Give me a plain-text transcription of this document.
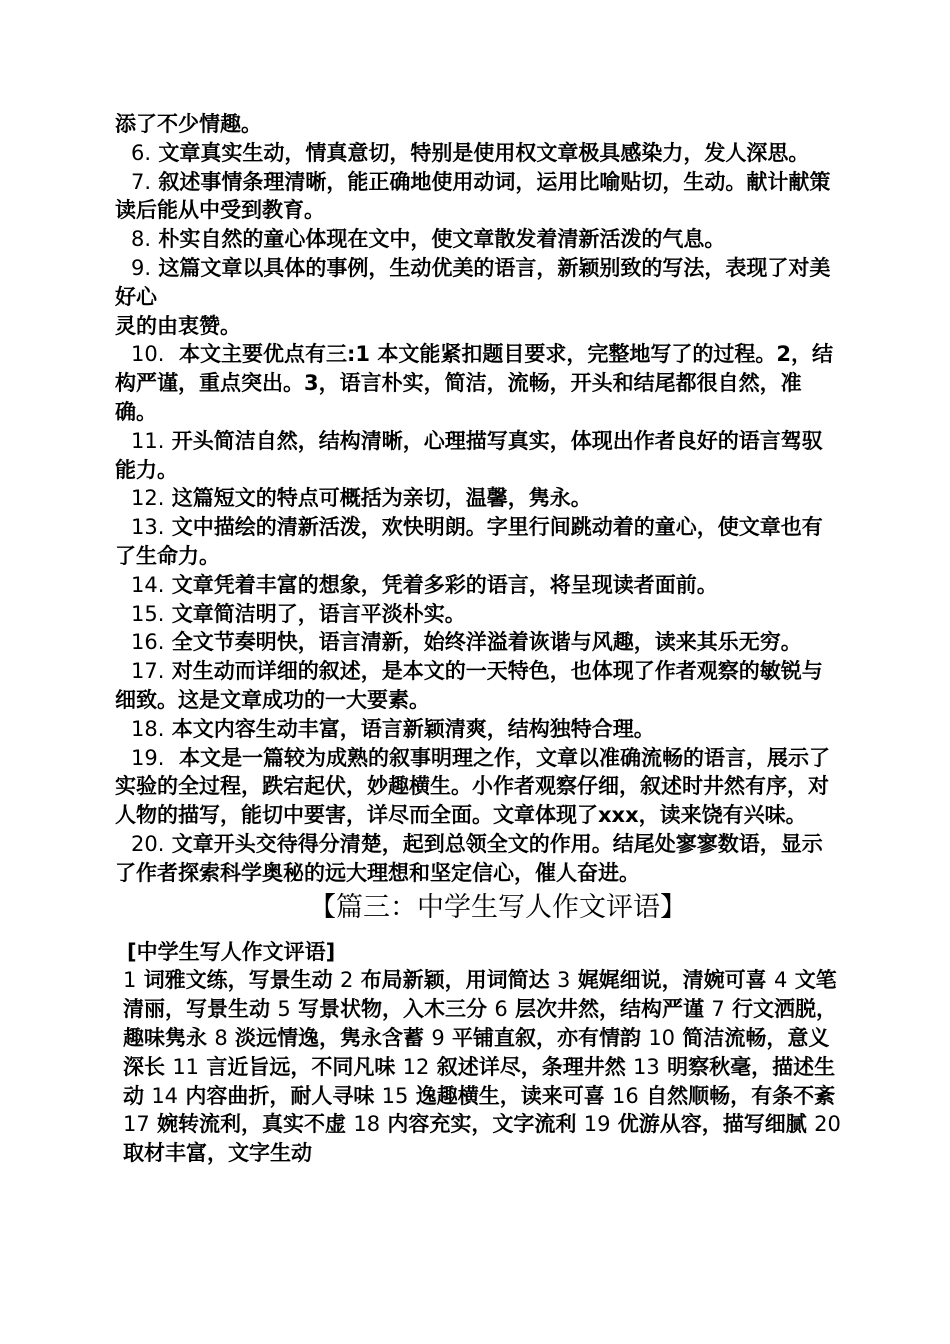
添了不少情趣。

6. 文章真实生动，情真意切，特别是使用权文章极具感染力，发人深思。

7. 叙述事情条理清晰，能正确地使用动词，运用比喻贴切，生动。献计献策读后能从中受到教育。

8. 朴实自然的童心体现在文中，使文章散发着清新活泼的气息。

9. 这篇文章以具体的事例，生动优美的语言，新颖别致的写法，表现了对美好心

灵的由衷赞。

10. 本文主要优点有三:1 本文能紧扣题目要求，完整地写了的过程。2，结构严谨，重点突出。3，语言朴实，简洁，流畅，开头和结尾都很自然，准确。

11. 开头简洁自然，结构清晰，心理描写真实，体现出作者良好的语言驾驭能力。

12. 这篇短文的特点可概括为亲切，温馨，隽永。

13. 文中描绘的清新活泼，欢快明朗。字里行间跳动着的童心，使文章也有了生命力。

14. 文章凭着丰富的想象，凭着多彩的语言，将呈现读者面前。

15. 文章简洁明了，语言平淡朴实。

16. 全文节奏明快，语言清新，始终洋溢着诙谐与风趣，读来其乐无穷。

17. 对生动而详细的叙述，是本文的一天特色，也体现了作者观察的敏锐与细致。这是文章成功的一大要素。

18. 本文内容生动丰富，语言新颖清爽，结构独特合理。

19. 本文是一篇较为成熟的叙事明理之作，文章以准确流畅的语言，展示了实验的全过程，跌宕起伏，妙趣横生。小作者观察仔细，叙述时井然有序，对人物的描写，能切中要害，详尽而全面。文章体现了xxx，读来饶有兴味。

20. 文章开头交待得分清楚，起到总领全文的作用。结尾处寥寥数语，显示了作者探索科学奥秘的远大理想和坚定信心，催人奋进。

【篇三：中学生写人作文评语】

[中学生写人作文评语]

1 词雅文练，写景生动 2 布局新颖，用词简达 3 娓娓细说，清婉可喜 4 文笔清丽，写景生动 5 写景状物，入木三分 6 层次井然，结构严谨 7 行文洒脱，趣味隽永 8 淡远情逸，隽永含蓄 9 平铺直叙，亦有情韵 10 简洁流畅，意义深长 11 言近旨远，不同凡味 12 叙述详尽，条理井然 13 明察秋毫，描述生动 14 内容曲折，耐人寻味 15 逸趣横生，读来可喜 16 自然顺畅，有条不紊 17 婉转流利，真实不虚 18 内容充实，文字流利 19 优游从容，描写细腻 20 取材丰富，文字生动
